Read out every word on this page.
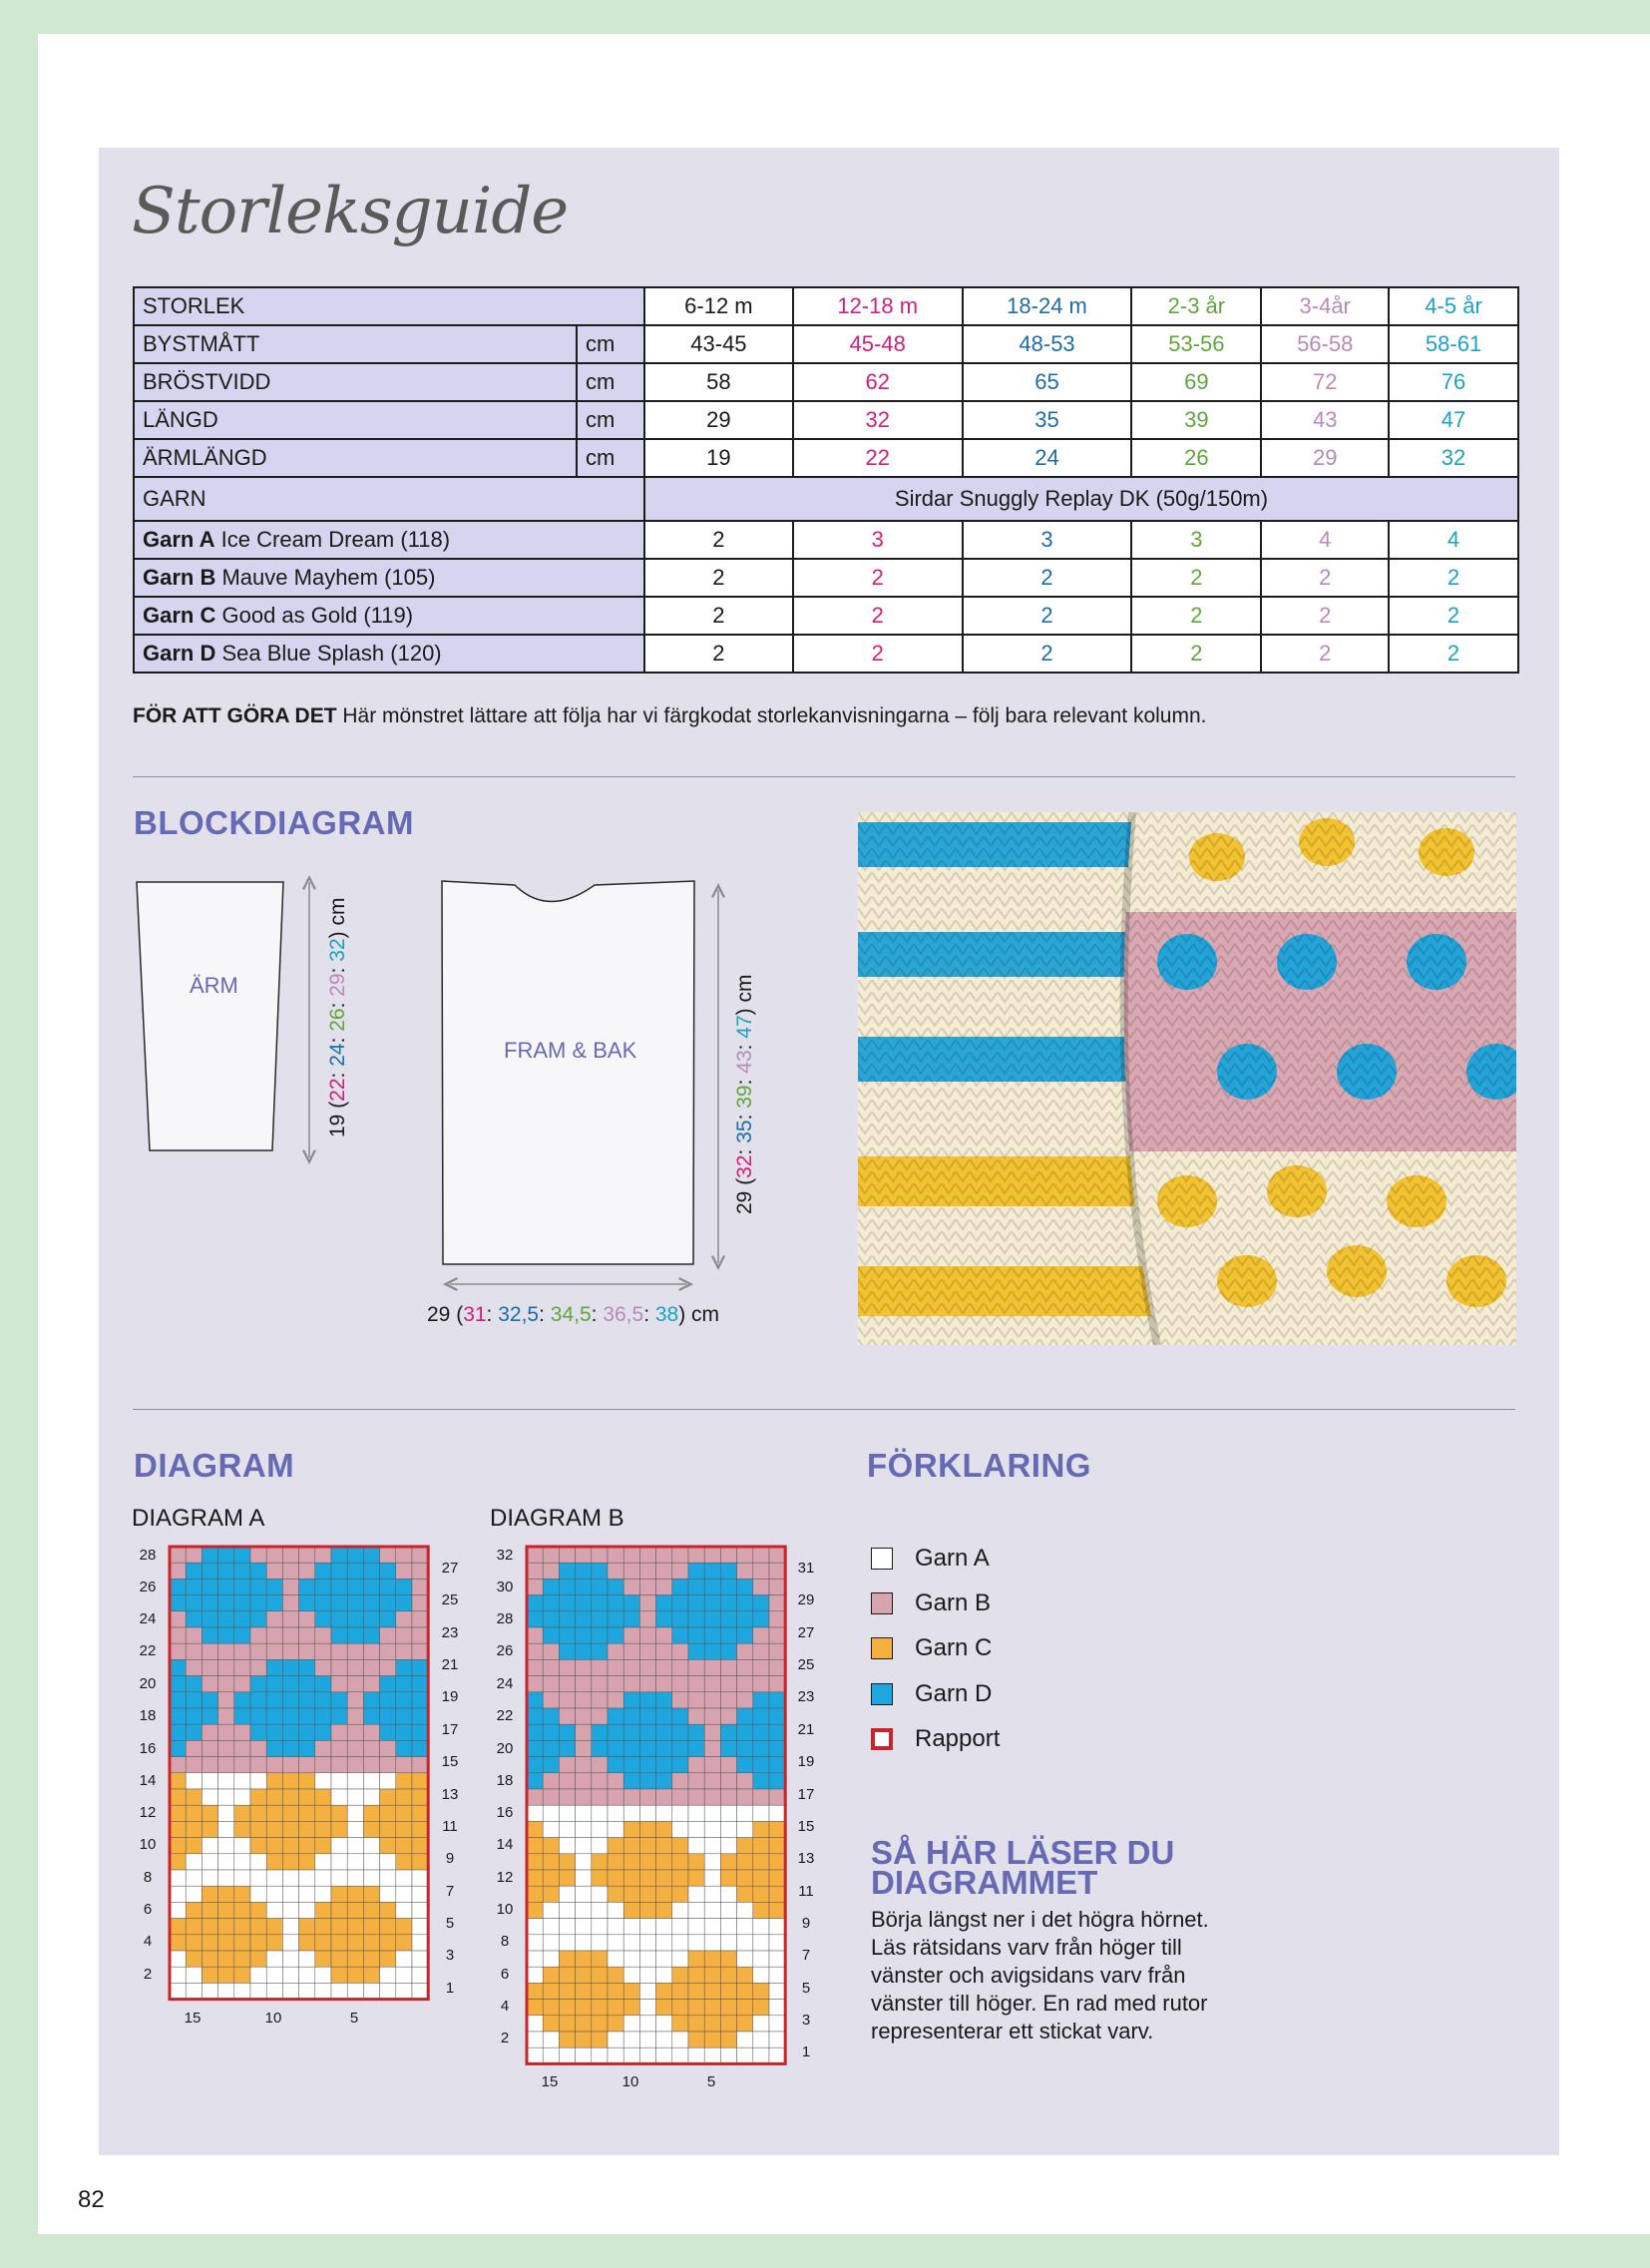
Storleksguide
STORLEK		6-12 m	12-18 m	18-24 m	2-3 år	3-4år	4-5 år
BYSTMÅTT	cm	43-45	45-48	48-53	53-56	56-58	58-61
BRÖSTVIDD	cm	58	62	65	69	72	76
LÄNGD	cm	29	32	35	39	43	47
ÄRMLÄNGD	cm	19	22	24	26	29	32
GARN		Sirdar Snuggly Replay DK (50g/150m)					
Garn A Ice Cream Dream (118)		2	3	3	3	4	4
Garn B Mauve Mayhem (105)		2	2	2	2	2	2
Garn C Good as Gold (119)		2	2	2	2	2	2
Garn D Sea Blue Splash (120)		2	2	2	2	2	2
FÖR ATT GÖRA DET Här mönstret lättare att följa har vi färgkodat storlekanvisningarna – följ bara relevant kolumn.
BLOCKDIAGRAM
ÄRM
FRAM & BAK
19 (22: 24: 26: 29: 32) cm
29 (32: 35: 39: 43: 47) cm
29 (31: 32,5: 34,5: 36,5: 38) cm
DIAGRAM
DIAGRAM A	DIAGRAM B
28
26
24
22
20
18
16
14
12
10
8
6
4
2
27
25
23
21
19
17
15
13
11
9
7
5
3
1
15	10	5
32
30
28
26
24
22
20
18
16
14
12
10
8
6
4
2
31
29
27
25
23
21
19
17
15
13
11
9
7
5
3
1
15	10	5
FÖRKLARING
Garn A
Garn B
Garn C
Garn D
Rapport
SÅ HÄR LÄSER DU DIAGRAMMET
Börja längst ner i det högra hörnet. Läs rätsidans varv från höger till vänster och avigsidans varv från vänster till höger. En rad med rutor representerar ett stickat varv.
82
